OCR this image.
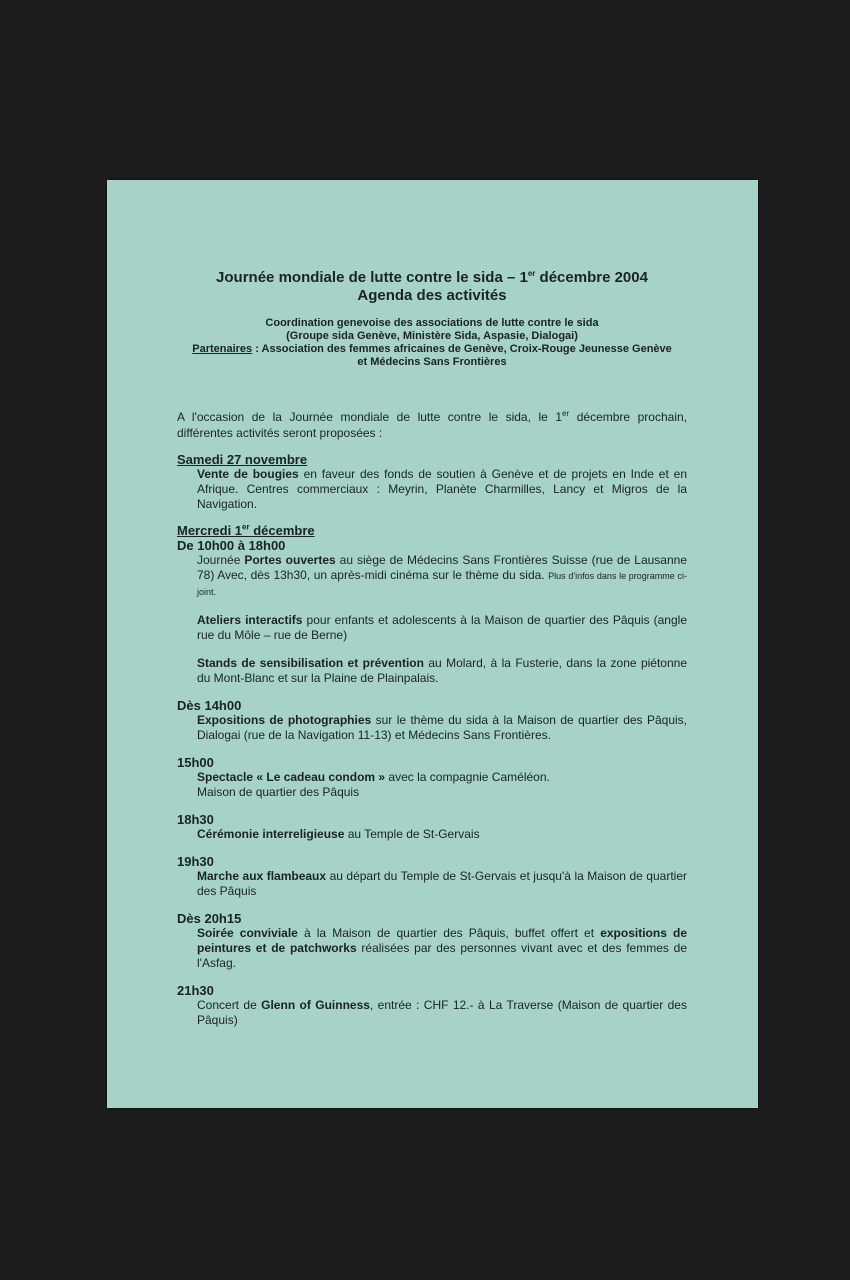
Journée mondiale de lutte contre le sida – 1er décembre 2004
Agenda des activités
Coordination genevoise des associations de lutte contre le sida
(Groupe sida Genève, Ministère Sida, Aspasie, Dialogai)
Partenaires : Association des femmes africaines de Genève, Croix-Rouge Jeunesse Genève
et Médecins Sans Frontières
A l'occasion de la Journée mondiale de lutte contre le sida, le 1er décembre prochain, différentes activités seront proposées :
Samedi 27 novembre
Vente de bougies en faveur des fonds de soutien à Genève et de projets en Inde et en Afrique. Centres commerciaux : Meyrin, Planète Charmilles, Lancy et Migros de la Navigation.
Mercredi 1er décembre
De 10h00 à 18h00
Journée Portes ouvertes au siège de Médecins Sans Frontières Suisse (rue de Lausanne 78) Avec, dès 13h30, un après-midi cinéma sur le thème du sida. Plus d'infos dans le programme ci-joint.
Ateliers interactifs pour enfants et adolescents à la Maison de quartier des Pâquis (angle rue du Môle – rue de Berne)
Stands de sensibilisation et prévention au Molard, à la Fusterie, dans la zone piétonne du Mont-Blanc et sur la Plaine de Plainpalais.
Dès 14h00
Expositions de photographies sur le thème du sida à la Maison de quartier des Pâquis, Dialogai (rue de la Navigation 11-13) et Médecins Sans Frontières.
15h00
Spectacle « Le cadeau condom » avec la compagnie Caméléon.
Maison de quartier des Pâquis
18h30
Cérémonie interreligieuse au Temple de St-Gervais
19h30
Marche aux flambeaux au départ du Temple de St-Gervais et jusqu'à la Maison de quartier des Pâquis
Dès 20h15
Soirée conviviale à la Maison de quartier des Pâquis, buffet offert et expositions de peintures et de patchworks réalisées par des personnes vivant avec et des femmes de l'Asfag.
21h30
Concert de Glenn of Guinness, entrée : CHF 12.- à La Traverse (Maison de quartier des Pâquis)
